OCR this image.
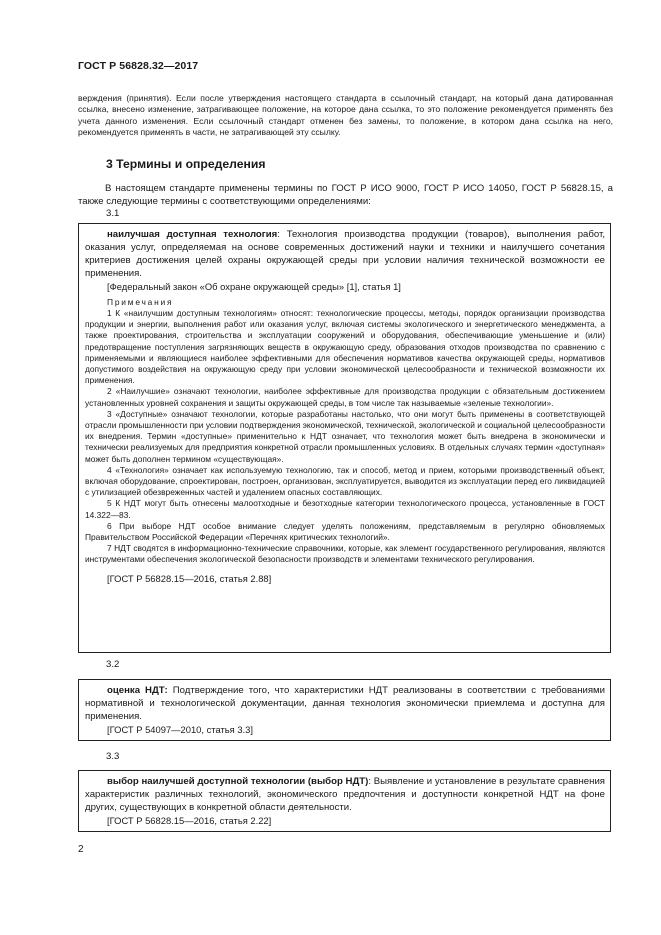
ГОСТ Р 56828.32—2017

верждения (принятия). Если после утверждения настоящего стандарта в ссылочный стандарт, на который дана датированная ссылка, внесено изменение, затрагивающее положение, на которое дана ссылка, то это положение рекомендуется применять без учета данного изменения. Если ссылочный стандарт отменен без замены, то положение, в котором дана ссылка на него, рекомендуется применять в части, не затрагивающей эту ссылку.

3 Термины и определения
В настоящем стандарте применены термины по ГОСТ Р ИСО 9000, ГОСТ Р ИСО 14050, ГОСТ Р 56828.15, а также следующие термины с соответствующими определениями:
3.1

наилучшая доступная технология: Технология производства продукции (товаров), выполнения работ, оказания услуг, определяемая на основе современных достижений науки и техники и наилучшего сочетания критериев достижения целей охраны окружающей среды при условии наличия технической возможности ее применения.

[Федеральный закон «Об охране окружающей среды» [1], статья 1]

Примечания

1 К «наилучшим доступным технологиям» относят: технологические процессы, методы, порядок организации производства продукции и энергии, выполнения работ или оказания услуг, включая системы экологического и энергетического менеджмента, а также проектирования, строительства и эксплуатации сооружений и оборудования, обеспечивающие уменьшение и (или) предотвращение поступления загрязняющих веществ в окружающую среду, образования отходов производства по сравнению с применяемыми и являющиеся наиболее эффективными для обеспечения нормативов качества окружающей среды, нормативов допустимого воздействия на окружающую среду при условии экономической целесообразности и технической возможности их применения.

2 «Наилучшие» означают технологии, наиболее эффективные для производства продукции с обязательным достижением установленных уровней сохранения и защиты окружающей среды, в том числе так называемые «зеленые технологии».

3 «Доступные» означают технологии, которые разработаны настолько, что они могут быть применены в соответствующей отрасли промышленности при условии подтверждения экономической, технической, экологической и социальной целесообразности их внедрения. Термин «доступные» применительно к НДТ означает, что технология может быть внедрена в экономически и технически реализуемых для предприятия конкретной отрасли промышленных условиях. В отдельных случаях термин «доступная» может быть дополнен термином «существующая».

4 «Технология» означает как используемую технологию, так и способ, метод и прием, которыми производственный объект, включая оборудование, спроектирован, построен, организован, эксплуатируется, выводится из эксплуатации перед его ликвидацией с утилизацией обезвреженных частей и удалением опасных составляющих.

5 К НДТ могут быть отнесены малоотходные и безотходные категории технологического процесса, установленные в ГОСТ 14.322—83.

6 При выборе НДТ особое внимание следует уделять положениям, представляемым в регулярно обновляемых Правительством Российской Федерации «Перечнях критических технологий».

7 НДТ сводятся в информационно-технические справочники, которые, как элемент государственного регулирования, являются инструментами обеспечения экологической безопасности производств и элементами технического регулирования.

[ГОСТ Р 56828.15—2016, статья 2.88]

3.2

оценка НДТ: Подтверждение того, что характеристики НДТ реализованы в соответствии с требованиями нормативной и технологической документации, данная технология экономически приемлема и доступна для применения.

[ГОСТ Р 54097—2010, статья 3.3]

3.3

выбор наилучшей доступной технологии (выбор НДТ): Выявление и установление в результате сравнения характеристик различных технологий, экономического предпочтения и доступности конкретной НДТ на фоне других, существующих в конкретной области деятельности.

[ГОСТ Р 56828.15—2016, статья 2.22]

2
